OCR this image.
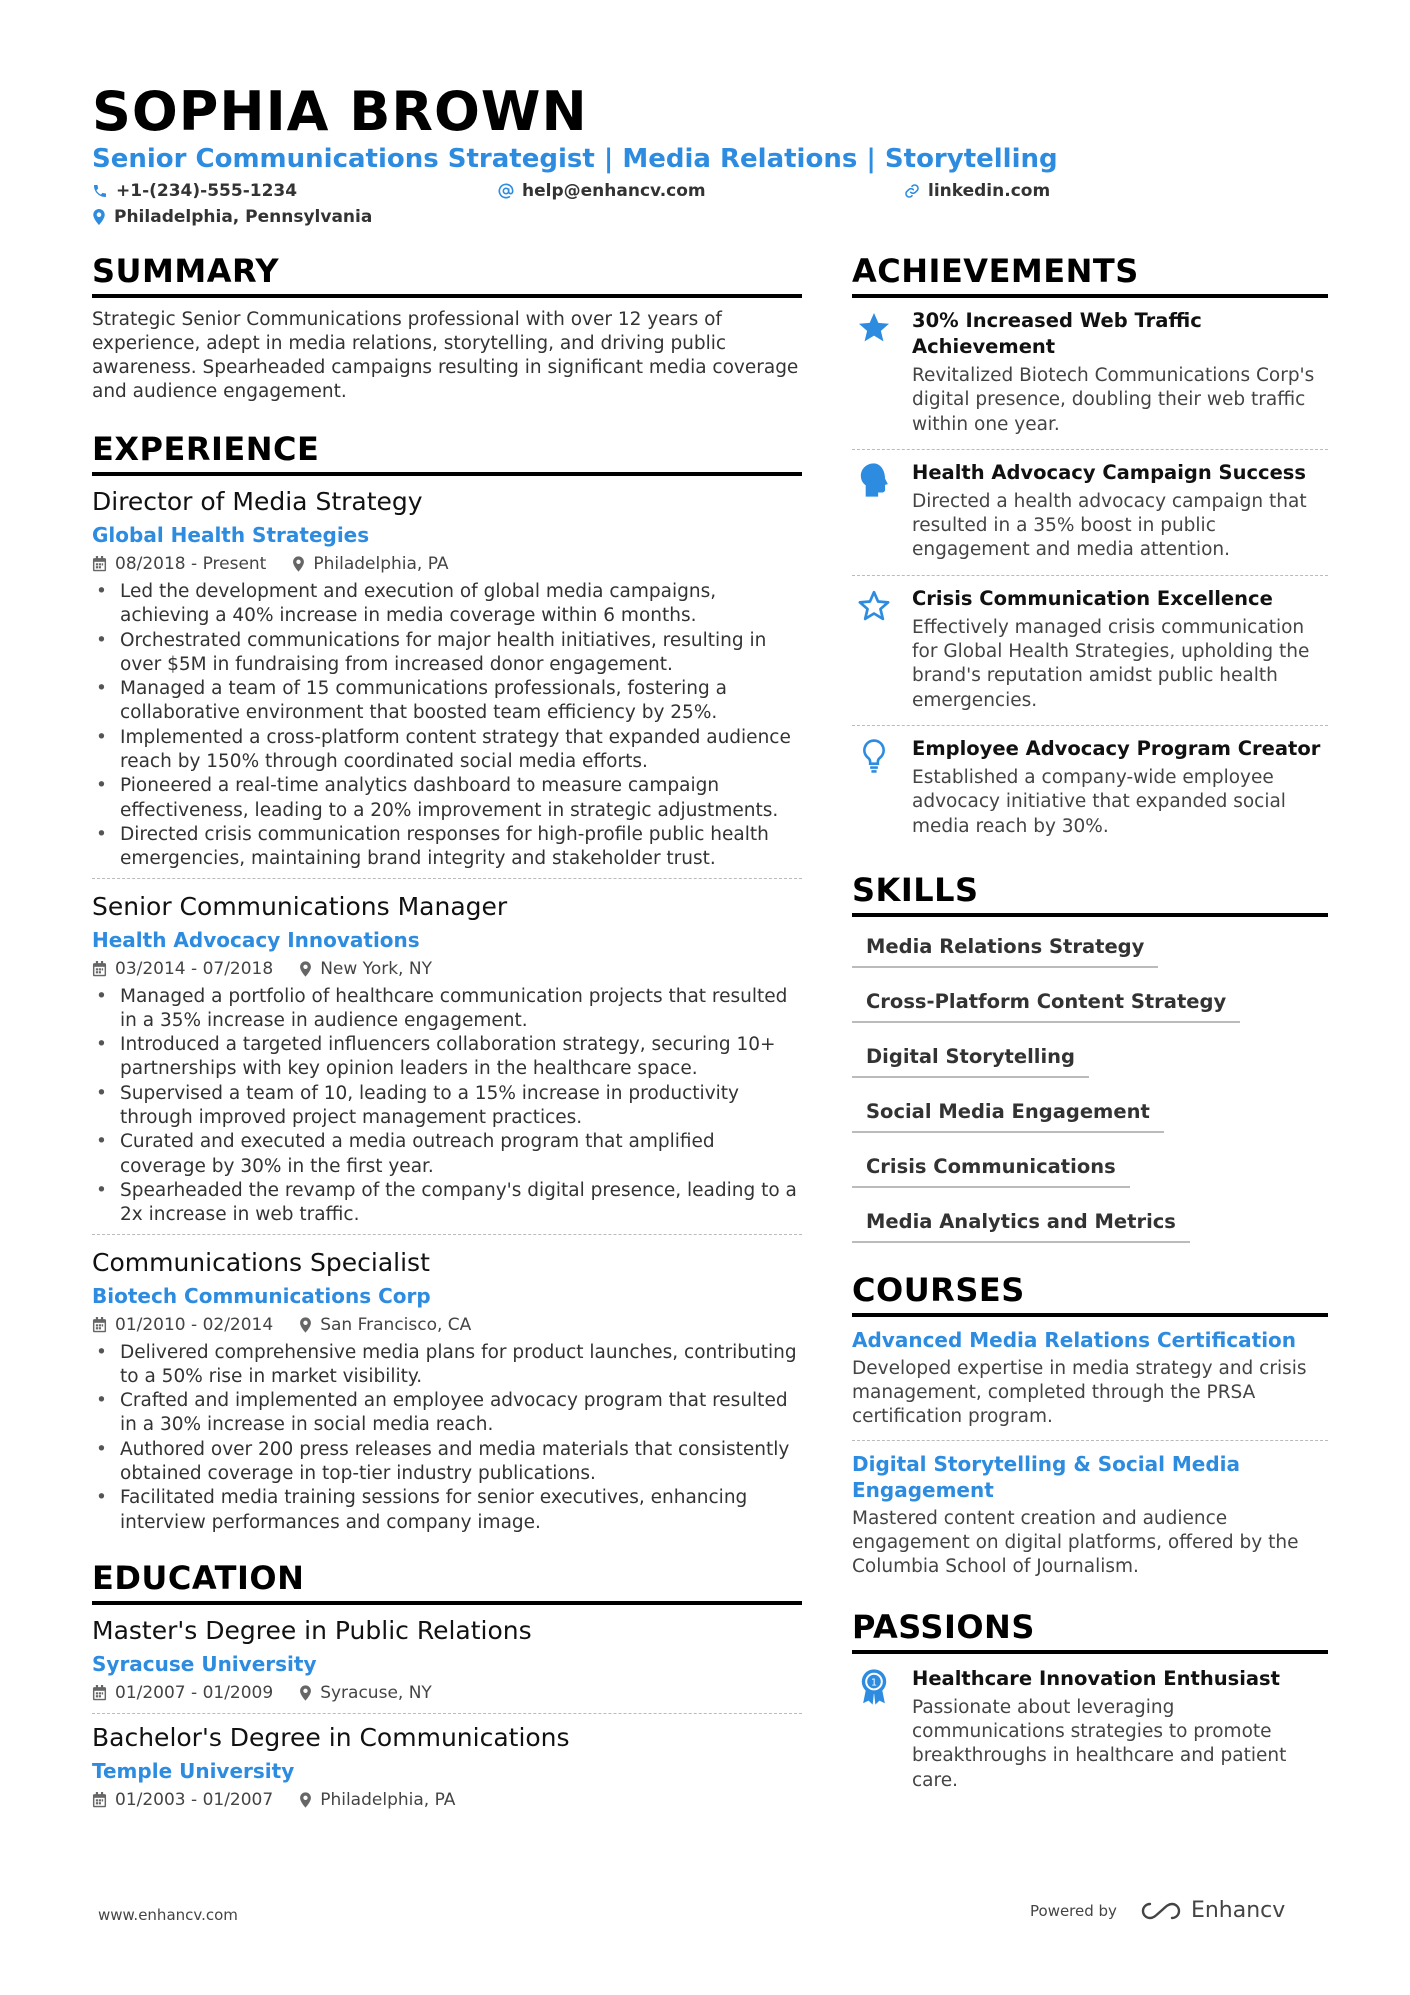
SOPHIA BROWN
Senior Communications Strategist | Media Relations | Storytelling
+1-(234)-555-1234	help@enhancv.com	linkedin.com
Philadelphia, Pennsylvania
SUMMARY
Strategic Senior Communications professional with over 12 years of experience, adept in media relations, storytelling, and driving public awareness. Spearheaded campaigns resulting in significant media coverage and audience engagement.
EXPERIENCE
Director of Media Strategy
Global Health Strategies
08/2018 - Present	Philadelphia, PA
• Led the development and execution of global media campaigns, achieving a 40% increase in media coverage within 6 months.
• Orchestrated communications for major health initiatives, resulting in over $5M in fundraising from increased donor engagement.
• Managed a team of 15 communications professionals, fostering a collaborative environment that boosted team efficiency by 25%.
• Implemented a cross-platform content strategy that expanded audience reach by 150% through coordinated social media efforts.
• Pioneered a real-time analytics dashboard to measure campaign effectiveness, leading to a 20% improvement in strategic adjustments.
• Directed crisis communication responses for high-profile public health emergencies, maintaining brand integrity and stakeholder trust.
Senior Communications Manager
Health Advocacy Innovations
03/2014 - 07/2018	New York, NY
• Managed a portfolio of healthcare communication projects that resulted in a 35% increase in audience engagement.
• Introduced a targeted influencers collaboration strategy, securing 10+ partnerships with key opinion leaders in the healthcare space.
• Supervised a team of 10, leading to a 15% increase in productivity through improved project management practices.
• Curated and executed a media outreach program that amplified coverage by 30% in the first year.
• Spearheaded the revamp of the company's digital presence, leading to a 2x increase in web traffic.
Communications Specialist
Biotech Communications Corp
01/2010 - 02/2014	San Francisco, CA
• Delivered comprehensive media plans for product launches, contributing to a 50% rise in market visibility.
• Crafted and implemented an employee advocacy program that resulted in a 30% increase in social media reach.
• Authored over 200 press releases and media materials that consistently obtained coverage in top-tier industry publications.
• Facilitated media training sessions for senior executives, enhancing interview performances and company image.
EDUCATION
Master's Degree in Public Relations
Syracuse University
01/2007 - 01/2009	Syracuse, NY
Bachelor's Degree in Communications
Temple University
01/2003 - 01/2007	Philadelphia, PA
ACHIEVEMENTS
30% Increased Web Traffic Achievement
Revitalized Biotech Communications Corp's digital presence, doubling their web traffic within one year.
Health Advocacy Campaign Success
Directed a health advocacy campaign that resulted in a 35% boost in public engagement and media attention.
Crisis Communication Excellence
Effectively managed crisis communication for Global Health Strategies, upholding the brand's reputation amidst public health emergencies.
Employee Advocacy Program Creator
Established a company-wide employee advocacy initiative that expanded social media reach by 30%.
SKILLS
Media Relations Strategy
Cross-Platform Content Strategy
Digital Storytelling
Social Media Engagement
Crisis Communications
Media Analytics and Metrics
COURSES
Advanced Media Relations Certification
Developed expertise in media strategy and crisis management, completed through the PRSA certification program.
Digital Storytelling & Social Media Engagement
Mastered content creation and audience engagement on digital platforms, offered by the Columbia School of Journalism.
PASSIONS
1 Healthcare Innovation Enthusiast
Passionate about leveraging communications strategies to promote breakthroughs in healthcare and patient care.
www.enhancv.com	Powered by	Enhancv
